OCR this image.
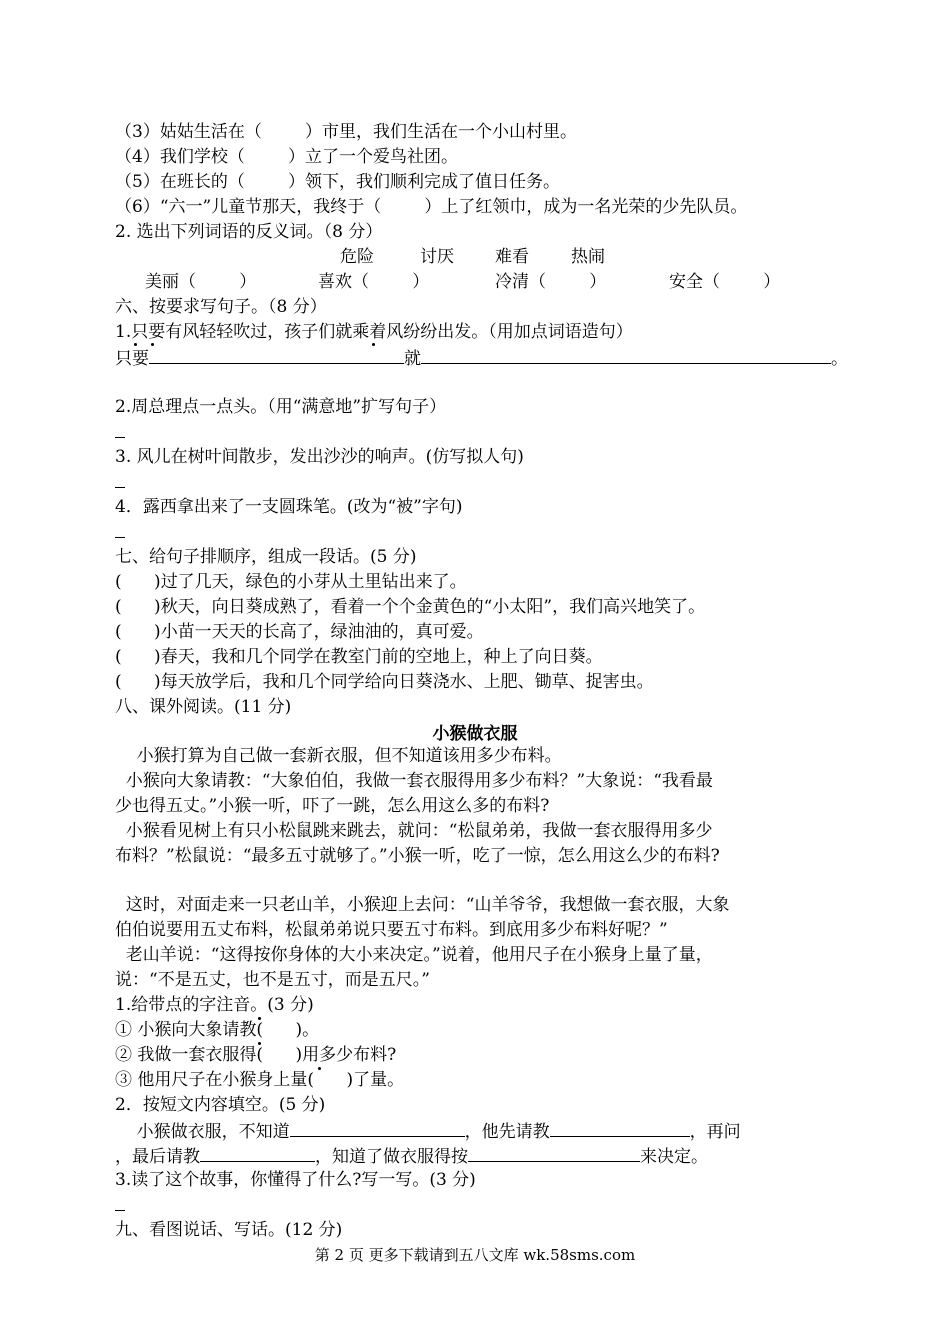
（3）姑姑生活在（        ）市里，我们生活在一个小山村里。
（4）我们学校（        ）立了一个爱鸟社团。
（5）在班长的（        ）领下，我们顺利完成了值日任务。
（6）“六一”儿童节那天，我终于（        ）上了红领巾，成为一名光荣的少先队员。
2. 选出下列词语的反义词。（8 分）
危险	讨厌 难看 热闹
美丽（        ）	喜欢（        ）	冷清（        ）	安全（        ）
六、按要求写句子。（8 分）
1.只要有风轻轻吹过，孩子们就乘着风纷纷出发。（用加点词语造句）
只要	就	。
2.周总理点一点头。（用“满意地”扩写句子）
3. 风儿在树叶间散步，发出沙沙的响声。(仿写拟人句)
4．露西拿出来了一支圆珠笔。(改为“被”字句)
七、给句子排顺序，组成一段话。(5 分)
(      )过了几天，绿色的小芽从土里钻出来了。
(      )秋天，向日葵成熟了，看着一个个金黄色的“小太阳”，我们高兴地笑了。
(      )小苗一天天的长高了，绿油油的，真可爱。
(      )春天，我和几个同学在教室门前的空地上，种上了向日葵。
(      )每天放学后，我和几个同学给向日葵浇水、上肥、锄草、捉害虫。
八、课外阅读。(11 分)
小猴做衣服
小猴打算为自己做一套新衣服，但不知道该用多少布料。
小猴向大象请教：“大象伯伯，我做一套衣服得用多少布料？”大象说：“我看最
少也得五丈。”小猴一听，吓了一跳，怎么用这么多的布料?
小猴看见树上有只小松鼠跳来跳去，就问：“松鼠弟弟，我做一套衣服得用多少
布料？”松鼠说：“最多五寸就够了。”小猴一听，吃了一惊，怎么用这么少的布料?
这时，对面走来一只老山羊，小猴迎上去问：“山羊爷爷，我想做一套衣服，大象
伯伯说要用五丈布料，松鼠弟弟说只要五寸布料。到底用多少布料好呢？”
老山羊说：“这得按你身体的大小来决定。”说着，他用尺子在小猴身上量了量，
说：“不是五丈，也不是五寸，而是五尺。”
1.给带点的字注音。(3 分)
① 小猴向大象请教(      )。
② 我做一套衣服得(      )用多少布料?
③ 他用尺子在小猴身上量(      )了量。
2．按短文内容填空。(5 分)
小猴做衣服，不知道	，他先请教	，再问
，最后请教	，知道了做衣服得按	来决定。
3.读了这个故事，你懂得了什么?写一写。(3 分)
九、看图说话、写话。(12 分)
第 2 页 更多下载请到五八文库 wk.58sms.com
